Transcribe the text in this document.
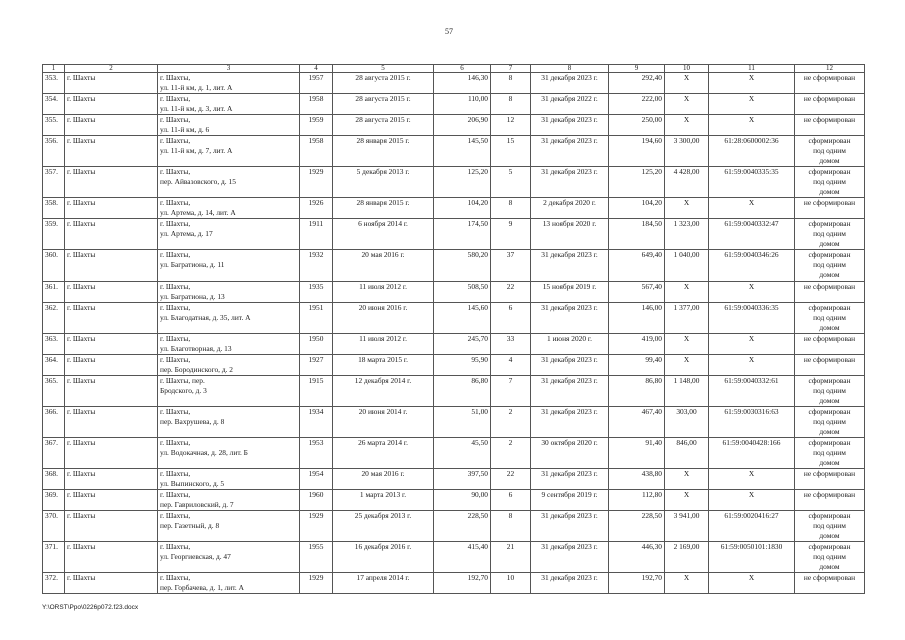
57
1	2	3	4	5	6	7	8	9	10	11	12
353.	г. Шахты	г. Шахты,
ул. 11-й км, д. 1, лит. А	1957	28 августа 2015 г.	146,30	8	31 декабря 2023 г.	292,40	X	X	не сформирован

354.	г. Шахты	г. Шахты,
ул. 11-й км, д. 3, лит. А	1958	28 августа 2015 г.	110,00	8	31 декабря 2022 г.	222,00	X	X	не сформирован

355.	г. Шахты	г. Шахты,
ул. 11-й км, д. 6	1959	28 августа 2015 г.	206,90	12	31 декабря 2023 г.	250,00	X	X	не сформирован

356.	г. Шахты	г. Шахты,
ул. 11-й км, д. 7, лит. А	1958	28 января 2015 г.	145,50	15	31 декабря 2023 г.	194,60	3 300,00	61:28:0600002:36	сформирован
под одним
домом

357.	г. Шахты	г. Шахты,
пер. Айвазовского, д. 15	1929	5 декабря 2013 г.	125,20	5	31 декабря 2023 г.	125,20	4 428,00	61:59:0040335:35	сформирован
под одним
домом

358.	г. Шахты	г. Шахты,
ул. Артема, д. 14, лит. А	1926	28 января 2015 г.	104,20	8	2 декабря 2020 г.	104,20	X	X	не сформирован

359.	г. Шахты	г. Шахты,
ул. Артема, д. 17	1911	6 ноября 2014 г.	174,50	9	13 ноября 2020 г.	184,50	1 323,00	61:59:0040332:47	сформирован
под одним
домом

360.	г. Шахты	г. Шахты,
ул. Багратиона, д. 11	1932	20 мая 2016 г.	580,20	37	31 декабря 2023 г.	649,40	1 040,00	61:59:0040346:26	сформирован
под одним
домом

361.	г. Шахты	г. Шахты,
ул. Багратиона, д. 13	1935	11 июля 2012 г.	508,50	22	15 ноября 2019 г.	567,40	X	X	не сформирован

362.	г. Шахты	г. Шахты,
ул. Благодатная, д. 35, лит. А	1951	20 июня 2016 г.	145,60	6	31 декабря 2023 г.	146,00	1 377,00	61:59:0040336:35	сформирован
под одним
домом

363.	г. Шахты	г. Шахты,
ул. Благотворная, д. 13	1950	11 июля 2012 г.	245,70	33	1 июня 2020 г.	419,00	X	X	не сформирован

364.	г. Шахты	г. Шахты,
пер. Бородинского, д. 2	1927	18 марта 2015 г.	95,90	4	31 декабря 2023 г.	99,40	X	X	не сформирован

365.	г. Шахты	г. Шахты, пер.
Бродского, д. 3	1915	12 декабря 2014 г.	86,80	7	31 декабря 2023 г.	86,80	1 148,00	61:59:0040332:61	сформирован
под одним
домом

366.	г. Шахты	г. Шахты,
пер. Вахрушева, д. 8	1934	20 июня 2014 г.	51,00	2	31 декабря 2023 г.	467,40	303,00	61:59:0030316:63	сформирован
под одним
домом

367.	г. Шахты	г. Шахты,
ул. Водокачная, д. 28, лит. Б	1953	26 марта 2014 г.	45,50	2	30 октября 2020 г.	91,40	846,00	61:59:0040428:166	сформирован
под одним
домом

368.	г. Шахты	г. Шахты,
ул. Выпинского, д. 5	1954	20 мая 2016 г.	397,50	22	31 декабря 2023 г.	438,80	X	X	не сформирован

369.	г. Шахты	г. Шахты,
пер. Гавриловский, д. 7	1960	1 марта 2013 г.	90,00	6	9 сентября 2019 г.	112,80	X	X	не сформирован

370.	г. Шахты	г. Шахты,
пер. Газетный, д. 8	1929	25 декабря 2013 г.	228,50	8	31 декабря 2023 г.	228,50	3 941,00	61:59:0020416:27	сформирован
под одним
домом

371.	г. Шахты	г. Шахты,
ул. Георгиевская, д. 47	1955	16 декабря 2016 г.	415,40	21	31 декабря 2023 г.	446,30	2 169,00	61:59:0050101:1830	сформирован
под одним
домом

372.	г. Шахты	г. Шахты,
пер. Горбачева, д. 1, лит. А	1929	17 апреля 2014 г.	192,70	10	31 декабря 2023 г.	192,70	X	X	не сформирован
Y:\ORST\Ppo\0226p072.f23.docx
